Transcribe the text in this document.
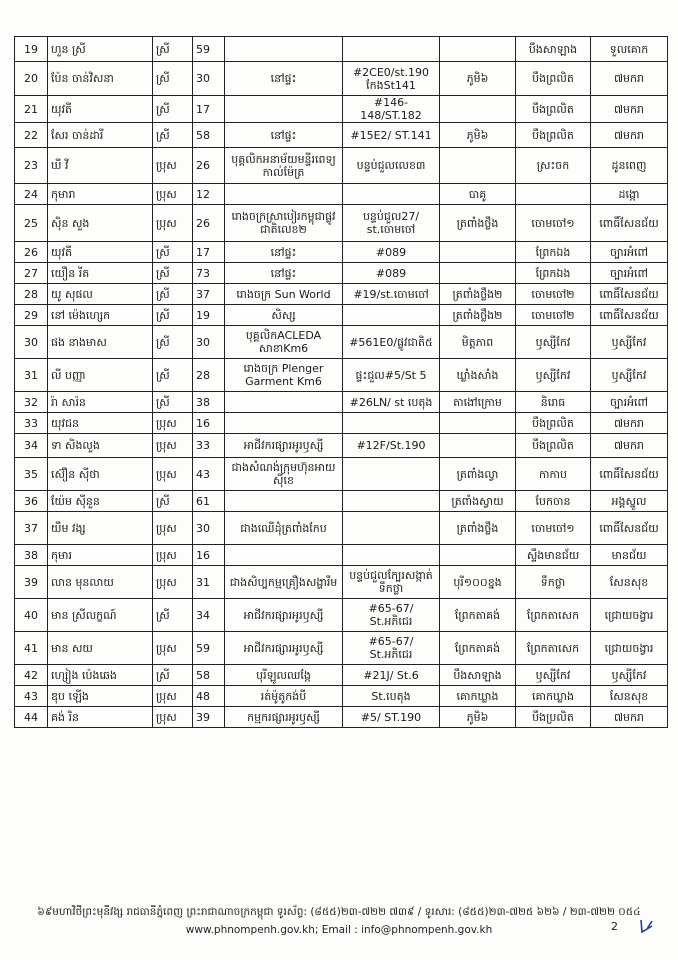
19	ហួន ស្រី	ស្រី	59				បឹងសាឡាង	ទួលគោក
20	ប៉ែន ចាន់វិសនា	ស្រី	30	នៅផ្ទះ	#2CE0/st.190 កែងSt141	ភូមិ៦	បឹងព្រលិត	៧មករា
21	យុវតី	ស្រី	17		#146-148/ST.182		បឹងព្រលិត	៧មករា
22	សែរ ចាន់ដារី	ស្រី	58	នៅផ្ទះ	#15E2/ ST.141	ភូមិ៦	បឹងព្រលិត	៧មករា
23	ឃី វី	ប្រុស	26	បុគ្គលិកអនាម័យមន្ទីរពេទ្យកាល់ម៉ែត្រ	បន្ទប់ជួលលេខ៣		ស្រះចក	ដូនពេញ
24	កុមារា	ប្រុស	12			បាគូ		ដង្កោ
25	ស៊ិន សួង	ប្រុស	26	រោងចក្រស្រាបៀរកម្ពុជាផ្លូវជាតិលេខ២	បន្ទប់ជួល27/ st.ចោមចៅ	ត្រពាំងថ្លឹង	ចោមចៅ១	ពោធិ៍សែនជ័យ
26	យុវតី	ស្រី	17	នៅផ្ទះ	#089		ព្រែកឯង	ច្បារអំពៅ
27	យឿន រីត	ស្រី	73	នៅផ្ទះ	#089		ព្រែកឯង	ច្បារអំពៅ
28	យូ សុផល	ស្រី	37	រោងចក្រ Sun World	#19/st.ចោមចៅ	ត្រពាំងថ្លឹង២	ចោមចៅ២	ពោធិ៍សែនជ័យ
29	នៅ ម៉េងហ្សេក	ស្រី	19	សិស្ស		ត្រពាំងថ្លឹង២	ចោមចៅ២	ពោធិ៍សែនជ័យ
30	ផង នាងមាស	ស្រី	30	បុគ្គលិកACLEDA សាខាKm6	#561E0/ផ្លូវជាតិ៥	មិត្តភាព	ឫស្សីកែវ	ឫស្សីកែវ
31	លី បញ្ញា	ស្រី	28	រោងចក្រ Plenger Garment Km6	ផ្ទះជួល#5/St 5	ឃ្លាំងសាំង	ឫស្សីកែវ	ឫស្សីកែវ
32	រ៉ា សារ៉ន	ស្រី	38		#26LN/ st បេតុង	តាងៅក្រោម	និរោធ	ច្បារអំពៅ
33	យុវជន	ប្រុស	16				បឹងព្រលិត	៧មករា
34	ទា សិងលួង	ប្រុស	33	អាជីវករផ្សារអូរឫស្សី	#12F/St.190		បឹងព្រលិត	៧មករា
35	ស៊ឿន ស៊ីថា	ប្រុស	43	ជាងសំណង់ក្រុមហ៊ុនអាយស៊ីខេ		ត្រពាំងល្វា	កាកាប	ពោធិ៍សែនជ័យ
36	យ៉ែម ស៊ីនួន	ស្រី	61			ត្រពាំងស្វាយ	បែកចាន	អង្គស្នួល
37	យឹម វង្ស	ប្រុស	30	ជាងឈើដុំត្រពាំងកែប		ត្រពាំងថ្លឹង	ចោមចៅ១	ពោធិ៍សែនជ័យ
38	កុមារ	ប្រុស	16				ស្ទឹងមានជ័យ	មានជ័យ
39	លាន មុនលាយ	ប្រុស	31	ជាងសិប្បកម្មគ្រឿងសង្ហារឹម	បន្ទប់ជួលក្បែរសង្កាត់ទឹកថ្លា	បុរី១០០ខ្នង	ទឹកថ្លា	សែនសុខ
40	មាន ស្រីលក្ខណ៍	ស្រី	34	អាជីវករផ្សារអូរឫស្សី	#65-67/ St.អភិជេរ	ព្រែកតាគង់	ព្រែកតាសេក	ជ្រោយចង្វារ
41	មាន សយ	ប្រុស	59	អាជីវករផ្សារអូរឫស្សី	#65-67/ St.អភិជេរ	ព្រែកតាគង់	ព្រែកតាសេក	ជ្រោយចង្វារ
42	ហ្សៀង ប៉េងឆេង	ស្រី	58	បុរីឡូលឈង្កែ	#21J/ St.6	បឹងសាឡាង	ឫស្សីកែវ	ឫស្សីកែវ
43	ឌុប ឡើង	ប្រុស	48	រត់ម៉ូតូកង់បី	St.បេតុង	គោកឃ្លាង	គោកឃ្លាង	សែនសុខ
44	គង់ រិន	ប្រុស	39	កម្មករផ្សារអូរឫស្សី	#5/ ST.190	ភូមិ៦	បឹងប្រលិត	៧មករា
៦៩មហាវិថីព្រះមុនីវង្ស រាជធានីភ្នំពេញ ព្រះរាជាណាចក្រកម្ពុជា ទូរស័ព្ទ: (៨៥៥)២៣-៧២២ ៧៣៩ / ទូរសារ: (៨៥៥)២៣-៧២៥ ៦២៦ / ២៣-៧២២ ០៥៤
www.phnompenh.gov.kh; Email : info@phnompenh.gov.kh	2
